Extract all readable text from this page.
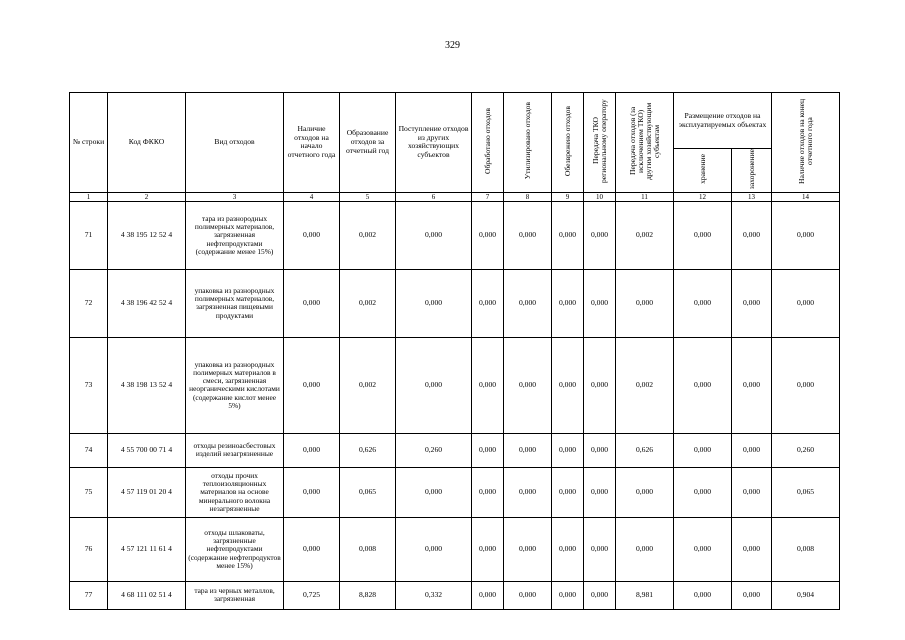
329
№ строки	Код ФККО	Вид отходов	Наличие отходов на начало отчетного года	Образование отходов за отчетный год	Поступление отходов из других хозяйствующих субъектов	Обработано отходов	Утилизировано отходов	Обезврежено отходов	Передача ТКО региональному оператору	Передача отходов (за исключением ТКО) другим хозяйствующим субъектам	Размещение отходов на эксплуатируемых объектах		Наличие отходов на конец отчетного года
											хранение	захоронение	
1	2	3	4	5	6	7	8	9	10	11	12	13	14
71	4 38 195 12 52 4	тара из разнородных полимерных материалов, загрязненная нефтепродуктами (содержание менее 15%)	0,000	0,002	0,000	0,000	0,000	0,000	0,000	0,002	0,000	0,000	0,000
72	4 38 196 42 52 4	упаковка из разнородных полимерных материалов, загрязненная пищевыми продуктами	0,000	0,002	0,000	0,000	0,000	0,000	0,000	0,000	0,000	0,000	0,000
73	4 38 198 13 52 4	упаковка из разнородных полимерных материалов в смеси, загрязненная неорганическими кислотами (содержание кислот менее 5%)	0,000	0,002	0,000	0,000	0,000	0,000	0,000	0,002	0,000	0,000	0,000
74	4 55 700 00 71 4	отходы резиноасбестовых изделий незагрязненные	0,000	0,626	0,260	0,000	0,000	0,000	0,000	0,626	0,000	0,000	0,260
75	4 57 119 01 20 4	отходы прочих теплоизоляционных материалов на основе минерального волокна незагрязненные	0,000	0,065	0,000	0,000	0,000	0,000	0,000	0,000	0,000	0,000	0,065
76	4 57 121 11 61 4	отходы шлаковаты, загрязненные нефтепродуктами (содержание нефтепродуктов менее 15%)	0,000	0,008	0,000	0,000	0,000	0,000	0,000	0,000	0,000	0,000	0,008
77	4 68 111 02 51 4	тара из черных металлов, загрязненная	0,725	8,828	0,332	0,000	0,000	0,000	0,000	8,981	0,000	0,000	0,904
